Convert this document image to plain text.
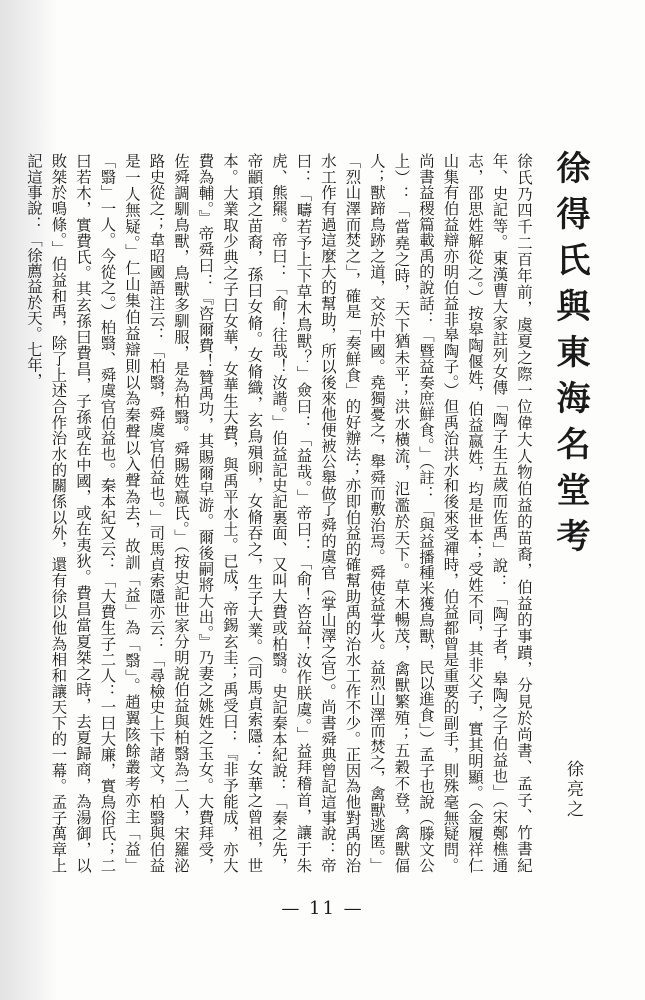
徐得氏與東海名堂考
徐亮之

徐氏乃四千二百年前，虞夏之際一位偉大人物伯益的苗裔，伯益的事蹟，分見於尚書、孟子、竹書紀年、史記等。東漢曹大家註列女傳「陶子生五歲而佐禹」說：「陶子者，皋陶之子伯益也」（宋鄭樵通志，邵思姓解從之。）按皋陶偃姓，伯益嬴姓，均是世本；受姓不同，其非父子，實其明顯。（金履祥仁山集有伯益辯亦明伯益非皋陶子。）但禹治洪水和後來受禪時，伯益都曾是重要的副手，則殊毫無疑問。尚書益稷篇載禹的說話：「暨益奏庶鮮食。」（註：「與益播種米獲鳥獸，民以進食」）孟子也說（滕文公上）：「當堯之時，天下猶未平；洪水橫流，氾濫於天下。草木暢茂，禽獸繁殖；五穀不登，禽獸偪人；獸蹄鳥跡之道，交於中國。堯獨憂之，舉舜而敷治焉。舜使益掌火。益烈山澤而焚之，禽獸逃匿。」「烈山澤而焚之」，確是「奏鮮食」的好辦法；亦即伯益的確幫助禹的治水工作不少。正因為他對禹的治水工作有過這麼大的幫助，所以後來他便被公舉做了舜的虞官（掌山澤之官）。尚書舜典曾記這事說：帝曰：「疇若予上下草木鳥獸？」僉曰：「益哉。」帝曰：「俞！咨益！汝作朕虞。」益拜稽首，讓于朱虎、熊羆。帝曰：「俞！往哉！汝諧。」伯益記史記裏面、又叫大費或柏翳。史記秦本紀說：「秦之先，帝顓頊之苗裔，孫曰女脩。女脩織，玄鳥殞卵，女脩吞之，生子大業。（司馬貞索隱：女華之曾祖，世本。大業取少典之子曰女華，女華生大費，與禹平水土。已成，帝錫玄圭；禹受曰：『非予能成，亦大費為輔。』帝舜曰：『咨爾費！贊禹功，其賜爾皁游。爾後嗣將大出。』乃妻之姚姓之玉女。大費拜受，佐舜調馴鳥獸，鳥獸多馴服，是為柏翳。舜賜姓嬴氏。」（按史記世家分明說伯益與柏翳為二人，宋羅泌路史從之；韋昭國語注云：「柏翳，舜虞官伯益也。」司馬貞索隱亦云：「尋檢史上下諸文，柏翳與伯益是一人無疑。」仁山集伯益辯則以為秦聲以入聲為去，故訓「益」為「翳」。趙翼陔餘叢考亦主「益」「翳」一人。今從之。）柏翳、舜虞官伯益也。秦本紀又云：「大費生子二人：一曰大廉，實鳥俗氏；二曰若木，實費氏。其玄孫曰費昌，子孫或在中國，或在夷狄。費昌當夏桀之時，去夏歸商，為湯御，以敗桀於鳴條。」伯益和禹，除了上述合作治水的關係以外，還有徐以他為相和讓天下的一幕。孟子萬章上記這事說：「徐薦益於天。七年，

— 11 —
